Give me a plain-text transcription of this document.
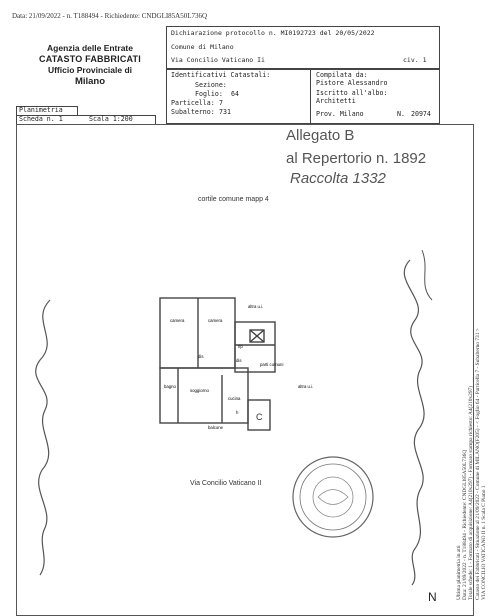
Data: 21/09/2022 - n. T188494 - Richiedente: CNDGLI85A50L736Q
Agenzia delle Entrate
CATASTO FABBRICATI
Ufficio Provinciale di
Milano
Dichiarazione protocollo n. MI0192723 del 20/05/2022
Comune di Milano
Via Concilio Vaticano Ii	civ. 1
Identificativi Catastali:
Sezione:
Foglio: 64
Particella: 7
Subalterno: 731
Compilata da:
Pistore Alessandro
Iscritto all'albo:
Architetti
Prov. Milano	N. 20974
Planimetria
Scheda n. 1	Scala 1:200
Allegato B
al Repertorio n. 1892
Raccolta 1332
cortile comune mapp 4
camera	camera
altra u.i.
rip
dis
dis
parti comuni
bagno
soggiorno
cucina
altra u.i.
h C
balcone
Via Concilio Vaticano II
Ultima planimetria in atti
Data: 21/09/2022 - n. T188494 - Richiedente: CNDGLI85A50L736Q
Totale schede: 1 - Formato di acquisizione: A4(210x297) - Formato stampa richiesto: A4(210x297)
Catasto dei Fabbricati - Situazione al 21/09/2022 - Comune di MILANO(F205) - < Foglio 64 - Particella 7 - Subalterno 731 >
VIA CONCILIO VATICANO II n. 1 Scala C Piano 1
N
